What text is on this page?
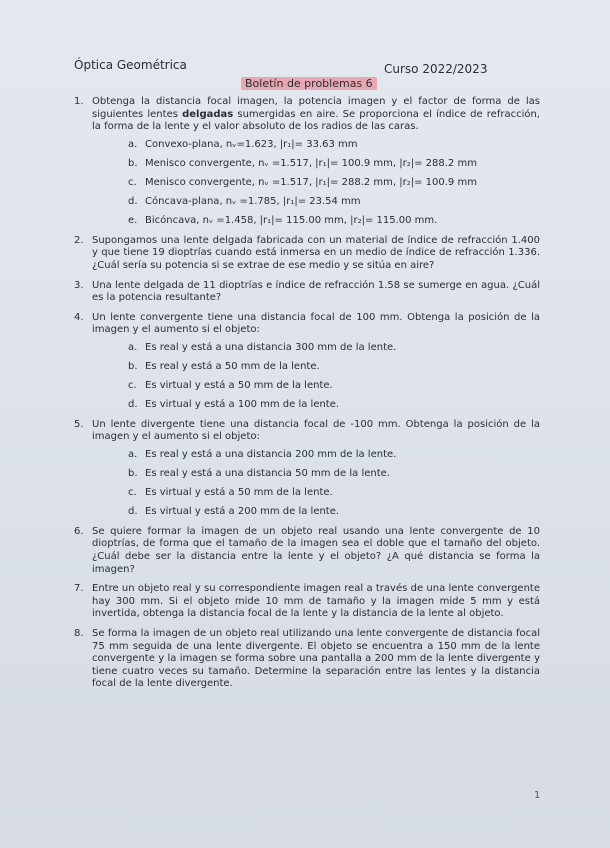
Óptica Geométrica	Curso 2022/2023
Boletín de problemas 6
1. Obtenga la distancia focal imagen, la potencia imagen y el factor de forma de las siguientes lentes delgadas sumergidas en aire. Se proporciona el índice de refracción, la forma de la lente y el valor absoluto de los radios de las caras.
a. Convexo-plana, nᵥ=1.623, |r₁|= 33.63 mm
b. Menisco convergente, nᵥ =1.517, |r₁|= 100.9 mm, |r₂|= 288.2 mm
c. Menisco convergente, nᵥ =1.517, |r₁|= 288.2 mm, |r₂|= 100.9 mm
d. Cóncava-plana, nᵥ =1.785, |r₁|= 23.54 mm
e. Bicóncava, nᵥ =1.458, |r₁|= 115.00 mm, |r₂|= 115.00 mm.
2. Supongamos una lente delgada fabricada con un material de índice de refracción 1.400 y que tiene 19 dioptrías cuando está inmersa en un medio de índice de refracción 1.336. ¿Cuál sería su potencia si se extrae de ese medio y se sitúa en aire?
3. Una lente delgada de 11 dioptrías e índice de refracción 1.58 se sumerge en agua. ¿Cuál es la potencia resultante?
4. Un lente convergente tiene una distancia focal de 100 mm. Obtenga la posición de la imagen y el aumento si el objeto:
a. Es real y está a una distancia 300 mm de la lente.
b. Es real y está a 50 mm de la lente.
c. Es virtual y está a 50 mm de la lente.
d. Es virtual y está a 100 mm de la lente.
5. Un lente divergente tiene una distancia focal de -100 mm. Obtenga la posición de la imagen y el aumento si el objeto:
a. Es real y está a una distancia 200 mm de la lente.
b. Es real y está a una distancia 50 mm de la lente.
c. Es virtual y está a 50 mm de la lente.
d. Es virtual y está a 200 mm de la lente.
6. Se quiere formar la imagen de un objeto real usando una lente convergente de 10 dioptrías, de forma que el tamaño de la imagen sea el doble que el tamaño del objeto. ¿Cuál debe ser la distancia entre la lente y el objeto? ¿A qué distancia se forma la imagen?
7. Entre un objeto real y su correspondiente imagen real a través de una lente convergente hay 300 mm. Si el objeto mide 10 mm de tamaño y la imagen mide 5 mm y está invertida, obtenga la distancia focal de la lente y la distancia de la lente al objeto.
8. Se forma la imagen de un objeto real utilizando una lente convergente de distancia focal 75 mm seguida de una lente divergente. El objeto se encuentra a 150 mm de la lente convergente y la imagen se forma sobre una pantalla a 200 mm de la lente divergente y tiene cuatro veces su tamaño. Determine la separación entre las lentes y la distancia focal de la lente divergente.
1
